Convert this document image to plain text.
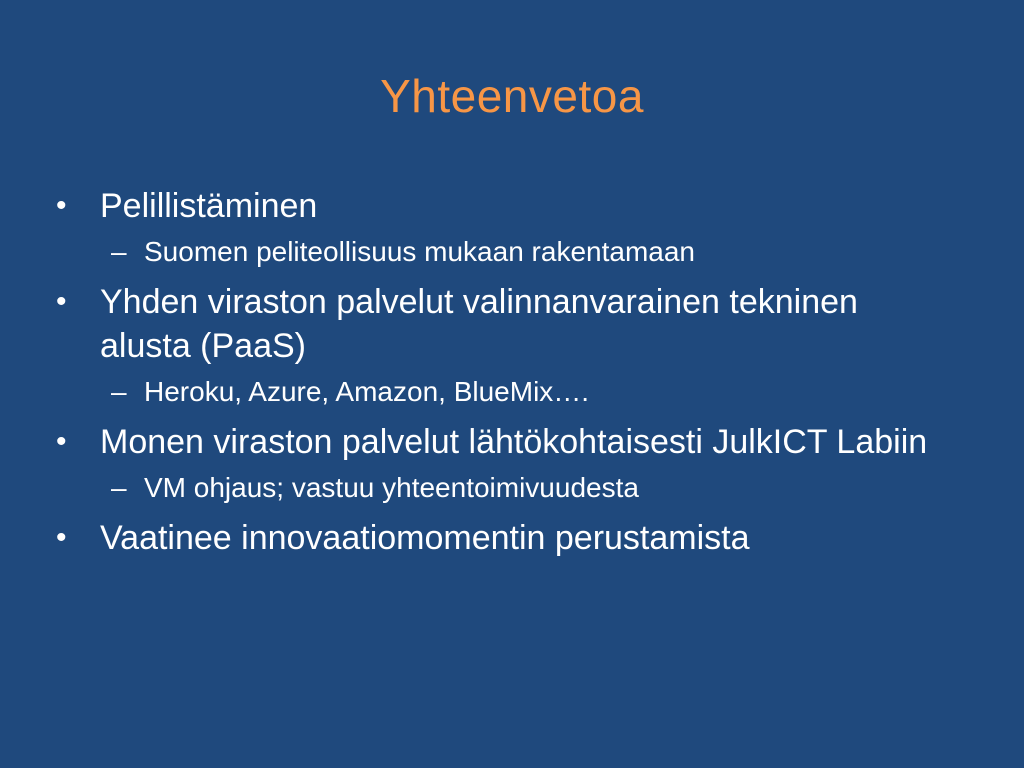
Yhteenvetoa
• Pelillistäminen
– Suomen peliteollisuus mukaan rakentamaan
• Yhden viraston palvelut valinnanvarainen tekninen alusta (PaaS)
– Heroku, Azure, Amazon, BlueMix….
• Monen viraston palvelut lähtökohtaisesti JulkICT Labiin
– VM ohjaus; vastuu yhteentoimivuudesta
• Vaatinee innovaatiomomentin perustamista
